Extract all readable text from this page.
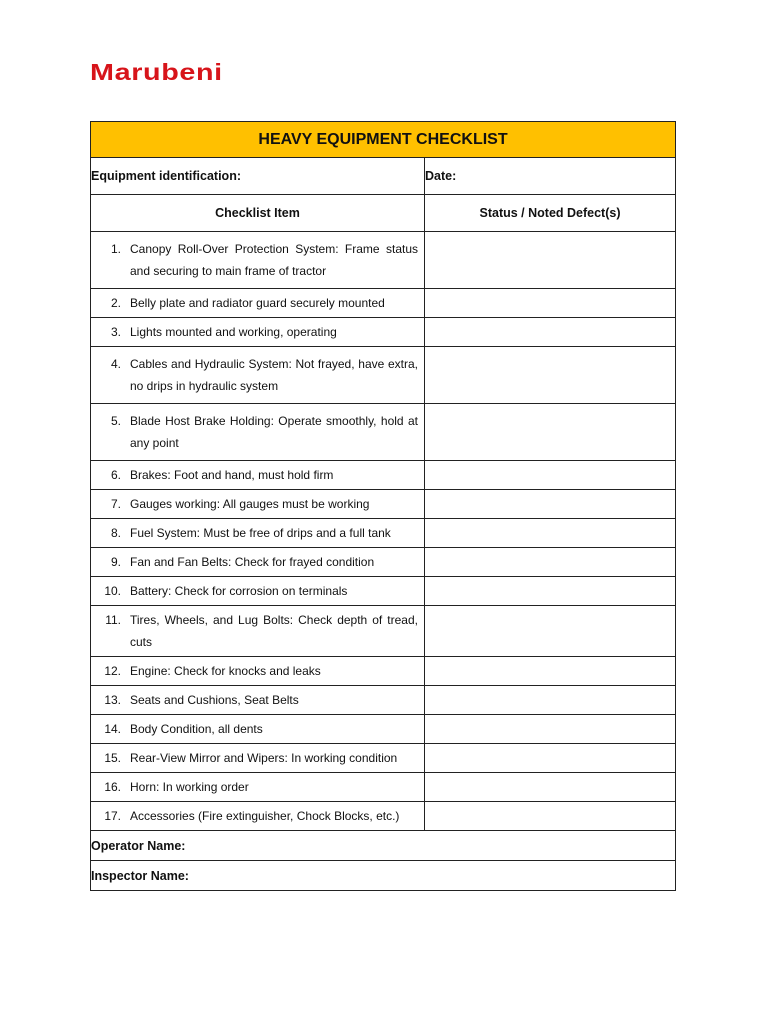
Marubeni
HEAVY EQUIPMENT CHECKLIST	
Equipment identification:	Date:
Checklist Item	Status / Noted Defect(s)

1. Canopy Roll-Over Protection System: Frame status and securing to main frame of tractor	

2. Belly plate and radiator guard securely mounted	

3. Lights mounted and working, operating	

4. Cables and Hydraulic System: Not frayed, have extra, no drips in hydraulic system	

5. Blade Host Brake Holding: Operate smoothly, hold at any point	

6. Brakes: Foot and hand, must hold firm	

7. Gauges working: All gauges must be working	

8. Fuel System: Must be free of drips and a full tank	

9. Fan and Fan Belts: Check for frayed condition	

10. Battery: Check for corrosion on terminals	

11. Tires, Wheels, and Lug Bolts: Check depth of tread, cuts	

12. Engine: Check for knocks and leaks	

13. Seats and Cushions, Seat Belts	

14. Body Condition, all dents	

15. Rear-View Mirror and Wipers: In working condition	

16. Horn: In working order	

17. Accessories (Fire extinguisher, Chock Blocks, etc.)	

Operator Name:	
Inspector Name:	
